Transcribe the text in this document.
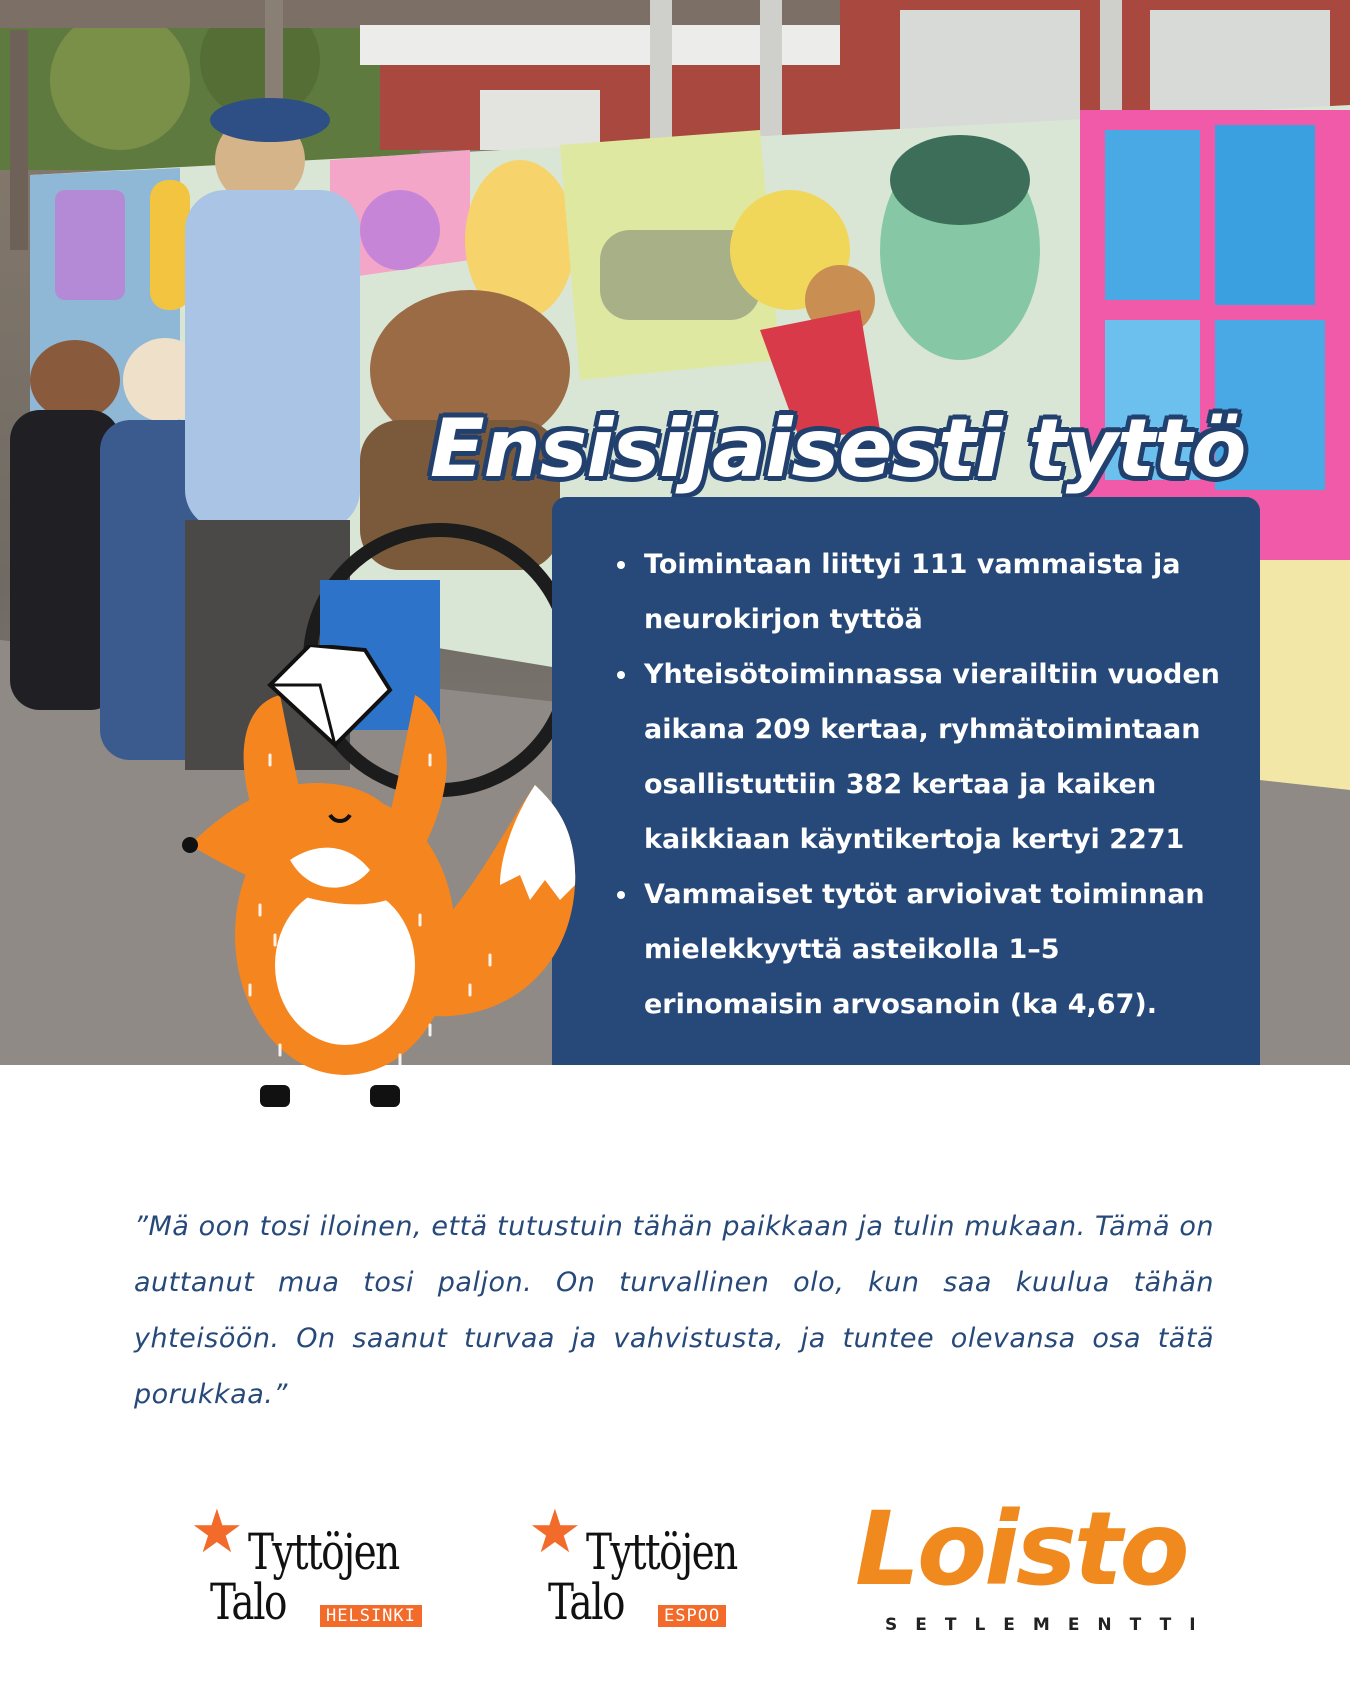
Ensisijaisesti tyttö
• Toimintaan liittyi 111 vammaista ja neurokirjon tyttöä
• Yhteisötoiminnassa vierailtiin vuoden aikana 209 kertaa, ryhmätoimintaan osallistuttiin 382 kertaa ja kaiken kaikkiaan käyntikertoja kertyi 2271
• Vammaiset tytöt arvioivat toiminnan mielekkyyttä asteikolla 1–5 erinomaisin arvosanoin (ka 4,67).

”Mä oon tosi iloinen, että tutustuin tähän paikkaan ja tulin mukaan. Tämä on auttanut mua tosi paljon. On turvallinen olo, kun saa kuulua tähän yhteisöön. On saanut turvaa ja vahvistusta, ja tuntee olevansa osa tätä porukkaa.”

★ Tyttöjen
Talo	HELSINKI
★ Tyttöjen
Talo	ESPOO
Loisto
SETLEMENTTI
